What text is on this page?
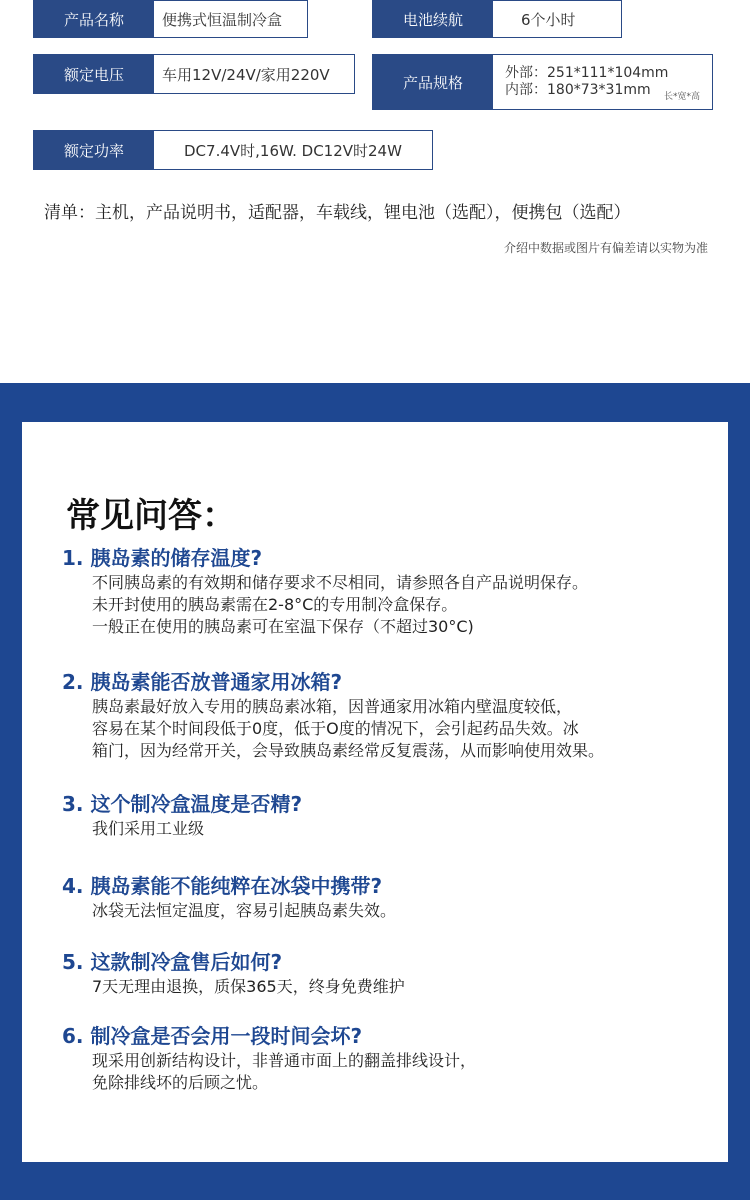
产品名称	便携式恒温制冷盒	电池续航	6个小时
额定电压	车用12V/24V/家用220V	产品规格
外部：251*111*104mm
内部：180*73*31mm 长*宽*高
额定功率	DC7.4V时,16W. DC12V时24W
清单：主机，产品说明书，适配器，车载线，锂电池（选配），便携包（选配）
介绍中数据或图片有偏差请以实物为准
常见问答：
1. 胰岛素的储存温度?
不同胰岛素的有效期和储存要求不尽相同，请参照各自产品说明保存。
未开封使用的胰岛素需在2-8°C的专用制冷盒保存。
一般正在使用的胰岛素可在室温下保存（不超过30°C)
2. 胰岛素能否放普通家用冰箱?
胰岛素最好放入专用的胰岛素冰箱，因普通家用冰箱内壁温度较低，
容易在某个时间段低于0度，低于O度的情况下，会引起药品失效。冰
箱门，因为经常开关，会导致胰岛素经常反复震荡，从而影响使用效果。
3. 这个制冷盒温度是否精?
我们采用工业级
4. 胰岛素能不能纯粹在冰袋中携带?
冰袋无法恒定温度，容易引起胰岛素失效。
5. 这款制冷盒售后如何?
7天无理由退换，质保365天，终身免费维护
6. 制冷盒是否会用一段时间会坏?
现采用创新结构设计，非普通市面上的翻盖排线设计，
免除排线坏的后顾之忧。
